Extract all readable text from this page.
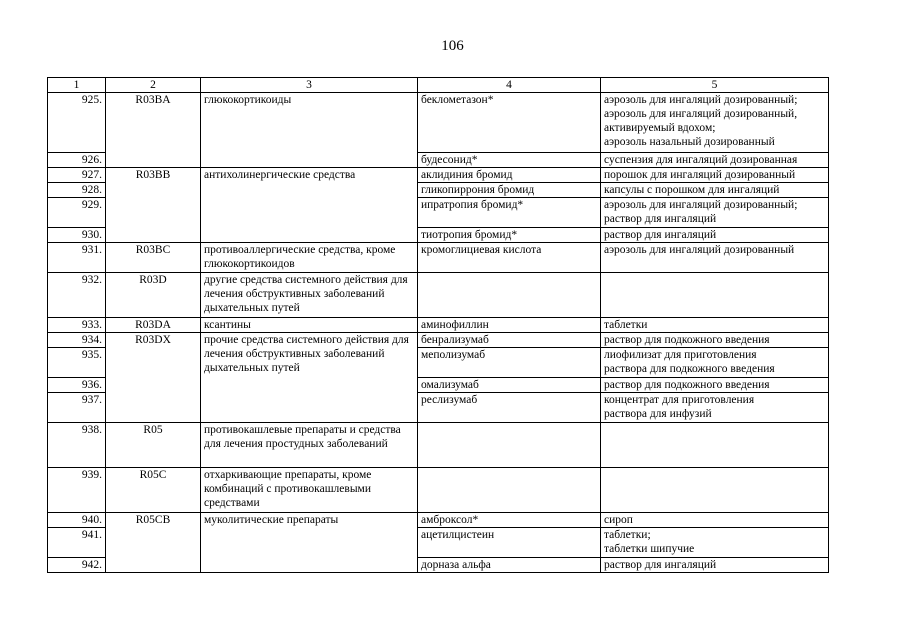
106
1	2	3	4	5
925.	R03BA	глюкокортикоиды	беклометазон*	аэрозоль для ингаляций дозированный;
аэрозоль для ингаляций дозированный,
активируемый вдохом;
аэрозоль назальный дозированный

926.			будесонид*	суспензия для ингаляций дозированная

927.	R03BB	антихолинергические средства	аклидиния бромид	порошок для ингаляций дозированный

928.			гликопиррония бромид	капсулы с порошком для ингаляций

929.			ипратропия бромид*	аэрозоль для ингаляций дозированный;
раствор для ингаляций

930.			тиотропия бромид*	раствор для ингаляций

931.	R03BC	противоаллергические средства, кроме глюкокортикоидов	кромоглициевая кислота	аэрозоль для ингаляций дозированный

932.	R03D	другие средства системного действия для лечения обструктивных заболеваний дыхательных путей		
933.	R03DA	ксантины	аминофиллин	таблетки

934.	R03DX	прочие средства системного действия для лечения обструктивных заболеваний дыхательных путей	бенрализумаб	раствор для подкожного введения

935.			меполизумаб	лиофилизат для приготовления
раствора для подкожного введения

936.			омализумаб	раствор для подкожного введения

937.			реслизумаб	концентрат для приготовления
раствора для инфузий

938.	R05	противокашлевые препараты и средства для лечения простудных заболеваний		
939.	R05C	отхаркивающие препараты, кроме комбинаций с противокашлевыми средствами		
940.	R05CB	муколитические препараты	амброксол*	сироп

941.			ацетилцистеин	таблетки;
таблетки шипучие

942.			дорназа альфа	раствор для ингаляций
